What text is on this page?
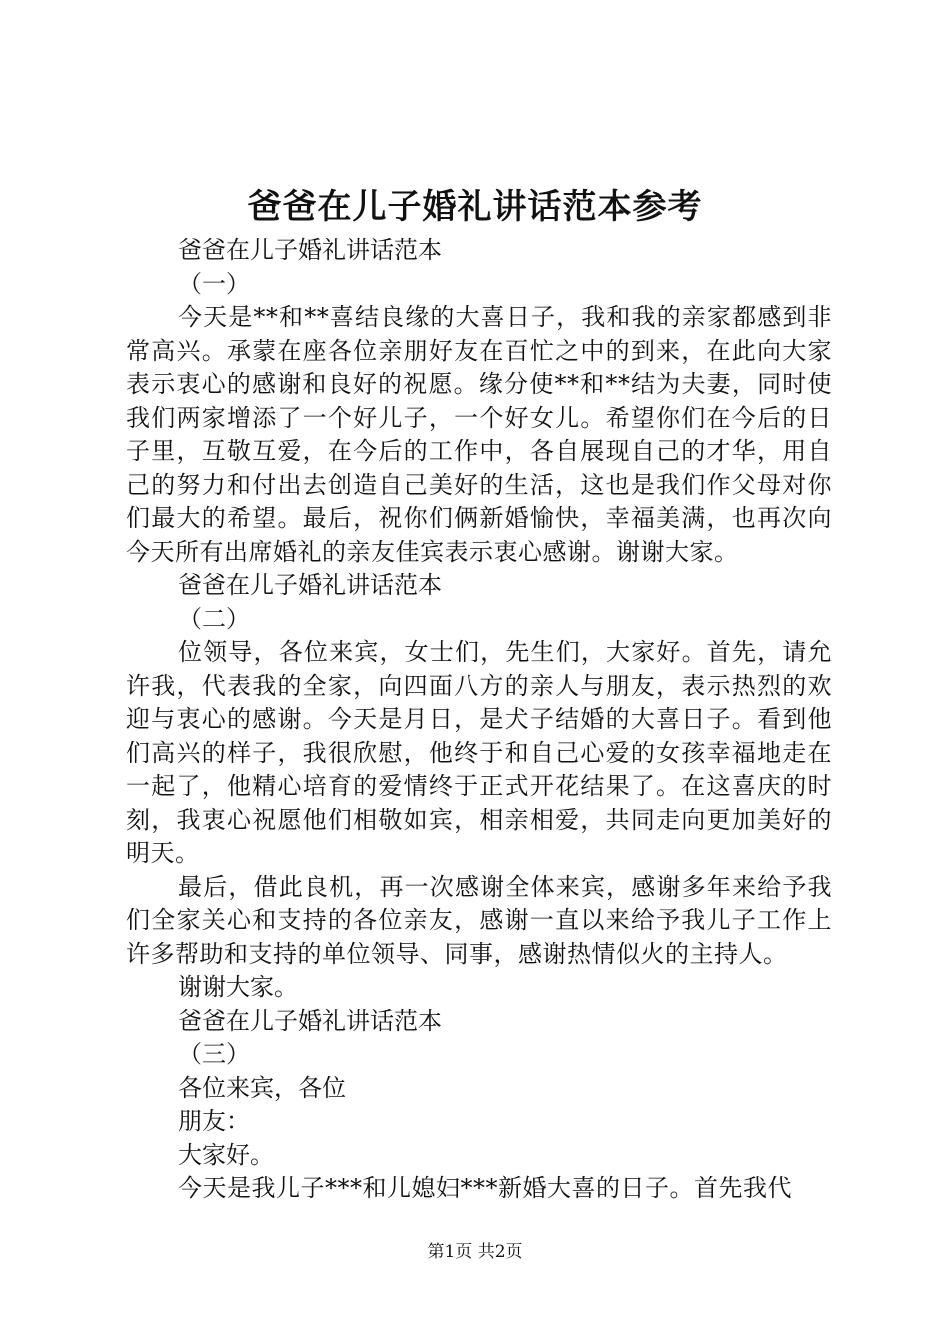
爸爸在儿子婚礼讲话范本参考
爸爸在儿子婚礼讲话范本
（一）

今天是**和**喜结良缘的大喜日子，我和我的亲家都感到非常高兴。承蒙在座各位亲朋好友在百忙之中的到来，在此向大家表示衷心的感谢和良好的祝愿。缘分使**和**结为夫妻，同时使我们两家增添了一个好儿子，一个好女儿。希望你们在今后的日子里，互敬互爱，在今后的工作中，各自展现自己的才华，用自己的努力和付出去创造自己美好的生活，这也是我们作父母对你们最大的希望。最后，祝你们俩新婚愉快，幸福美满，也再次向今天所有出席婚礼的亲友佳宾表示衷心感谢。谢谢大家。

爸爸在儿子婚礼讲话范本
（二）

位领导，各位来宾，女士们，先生们，大家好。首先，请允许我，代表我的全家，向四面八方的亲人与朋友，表示热烈的欢迎与衷心的感谢。今天是月日，是犬子结婚的大喜日子。看到他们高兴的样子，我很欣慰，他终于和自己心爱的女孩幸福地走在一起了，他精心培育的爱情终于正式开花结果了。在这喜庆的时刻，我衷心祝愿他们相敬如宾，相亲相爱，共同走向更加美好的明天。

最后，借此良机，再一次感谢全体来宾，感谢多年来给予我们全家关心和支持的各位亲友，感谢一直以来给予我儿子工作上许多帮助和支持的单位领导、同事，感谢热情似火的主持人。

谢谢大家。
爸爸在儿子婚礼讲话范本
（三）
各位来宾，各位
朋友：
大家好。

今天是我儿子***和儿媳妇***新婚大喜的日子。首先我代

第1页 共2页
